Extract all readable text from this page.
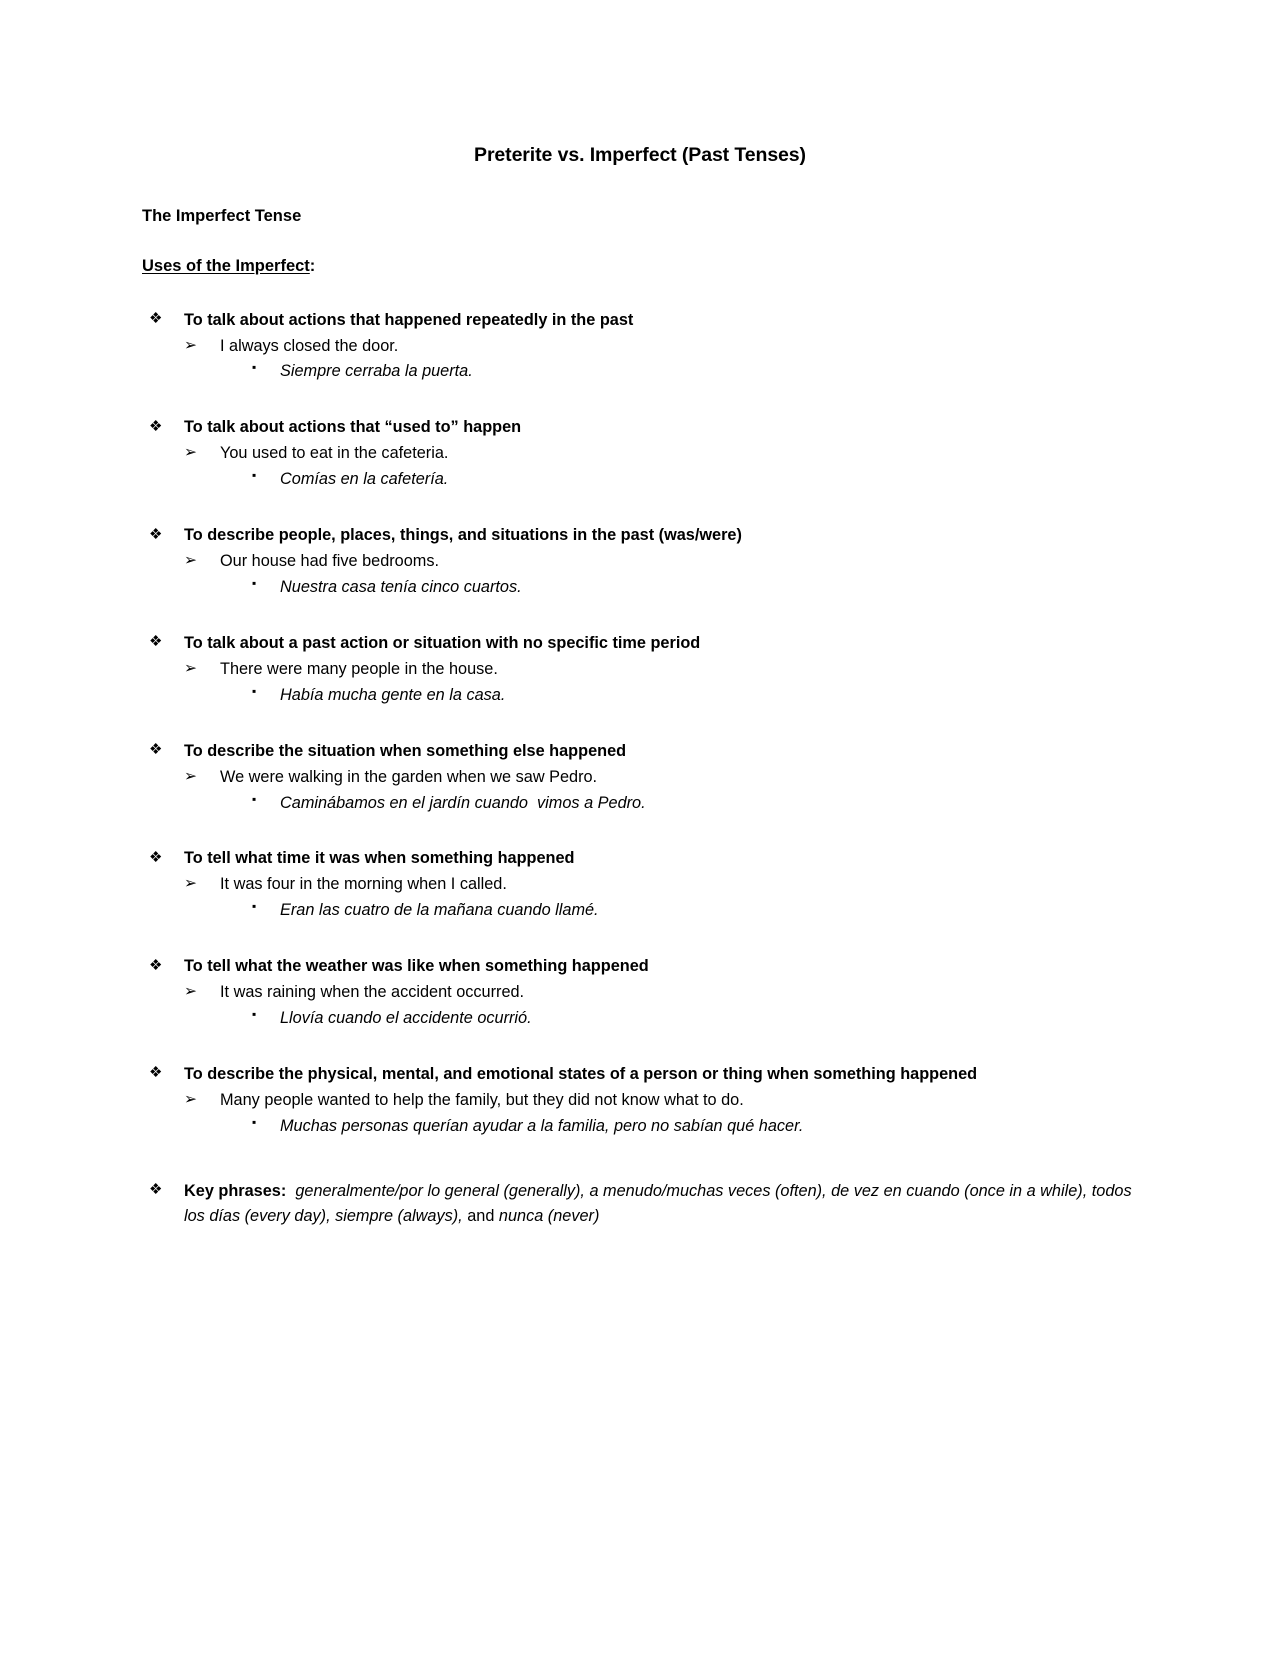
Preterite vs. Imperfect (Past Tenses)
The Imperfect Tense
Uses of the Imperfect:
❖	To talk about actions that happened repeatedly in the past
➢	I always closed the door.
▪	Siempre cerraba la puerta.
❖	To talk about actions that “used to” happen
➢	You used to eat in the cafeteria.
▪	Comías en la cafetería.
❖	To describe people, places, things, and situations in the past (was/were)
➢	Our house had five bedrooms.
▪	Nuestra casa tenía cinco cuartos.
❖	To talk about a past action or situation with no specific time period
➢	There were many people in the house.
▪	Había mucha gente en la casa.
❖	To describe the situation when something else happened
➢	We were walking in the garden when we saw Pedro.
▪	Caminábamos en el jardín cuando  vimos a Pedro.
❖	To tell what time it was when something happened
➢	It was four in the morning when I called.
▪	Eran las cuatro de la mañana cuando llamé.
❖	To tell what the weather was like when something happened
➢	It was raining when the accident occurred.
▪	Llovía cuando el accidente ocurrió.
❖	To describe the physical, mental, and emotional states of a person or thing when something happened
➢	Many people wanted to help the family, but they did not know what to do.
▪	Muchas personas querían ayudar a la familia, pero no sabían qué hacer.
❖	Key phrases: generalmente/por lo general (generally), a menudo/muchas veces (often), de vez en cuando (once in a while), todos los días (every day), siempre (always), and nunca (never)
